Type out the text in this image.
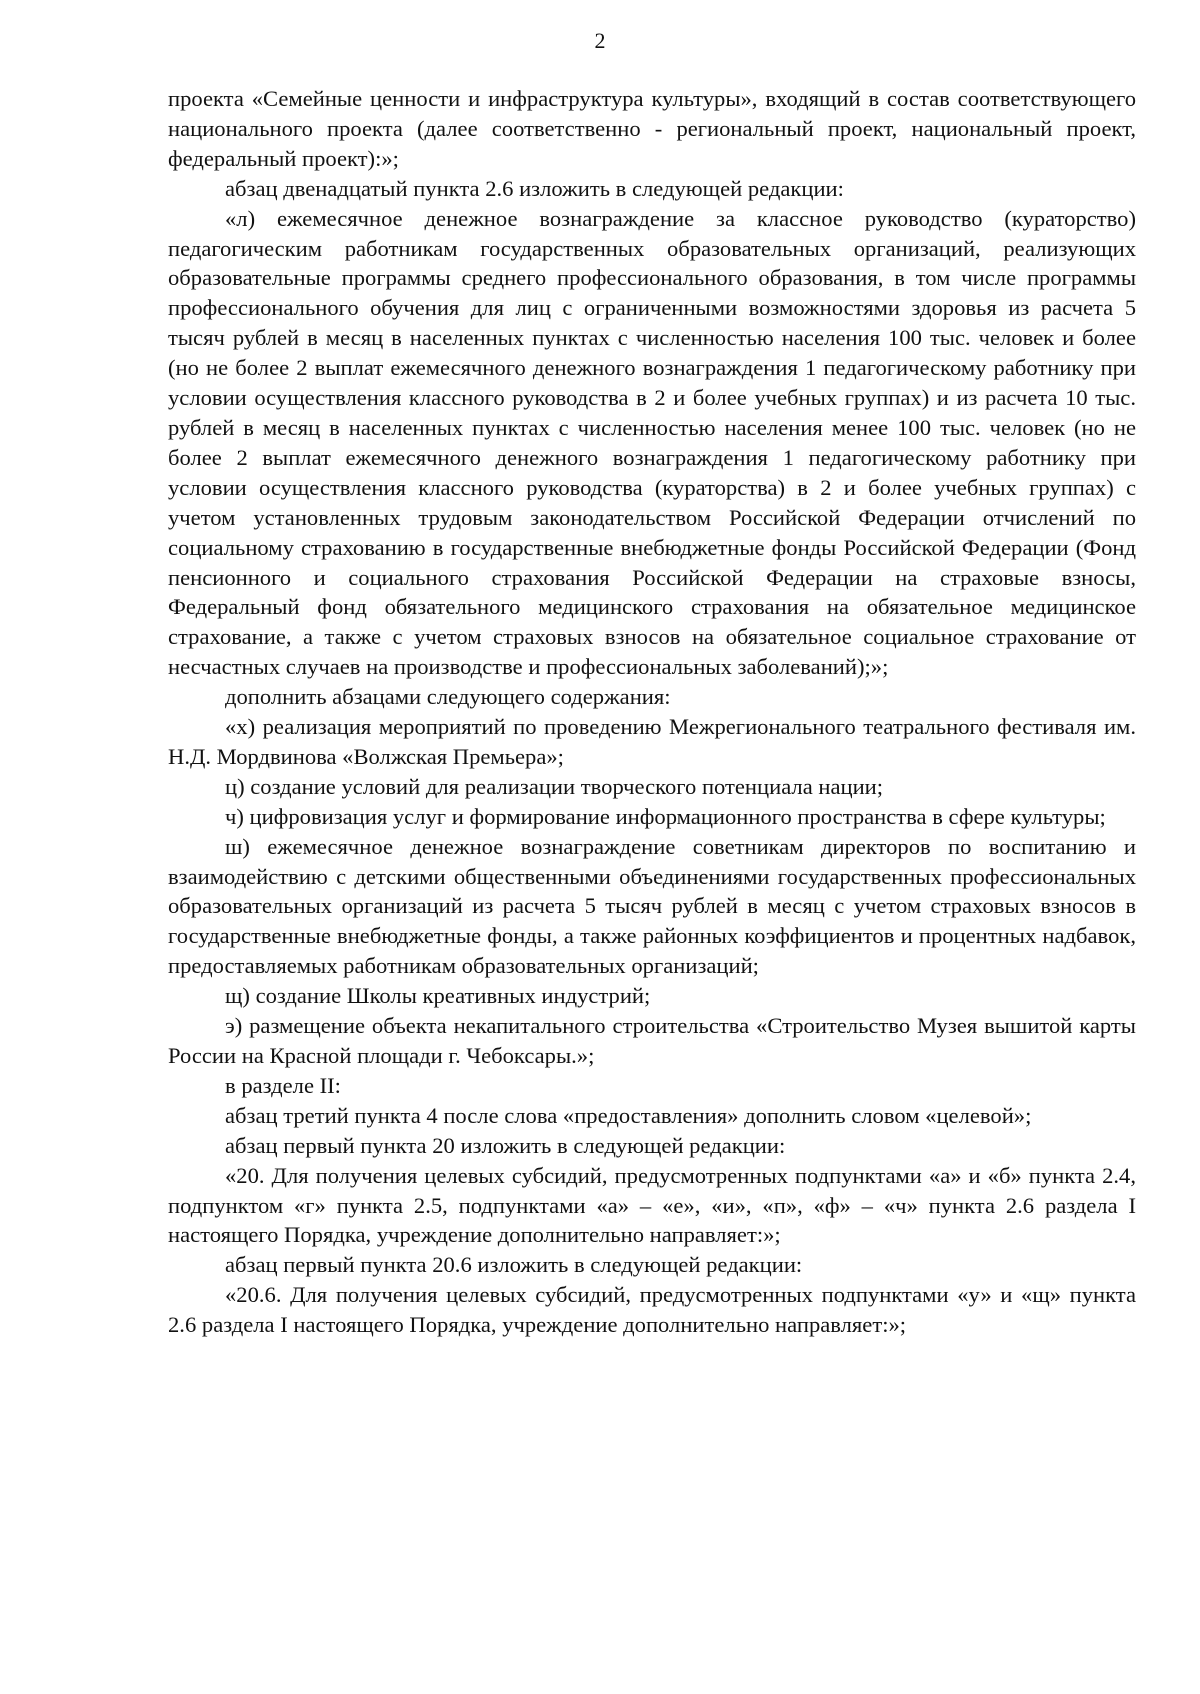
2

проекта «Семейные ценности и инфраструктура культуры», входящий в состав соответствующего национального проекта (далее соответственно - региональный проект, национальный проект, федеральный проект):»;

абзац двенадцатый пункта 2.6 изложить в следующей редакции:

«л) ежемесячное денежное вознаграждение за классное руководство (кураторство) педагогическим работникам государственных образовательных организаций, реализующих образовательные программы среднего профессионального образования, в том числе программы профессионального обучения для лиц с ограниченными возможностями здоровья из расчета 5 тысяч рублей в месяц в населенных пунктах с численностью населения 100 тыс. человек и более (но не более 2 выплат ежемесячного денежного вознаграждения 1 педагогическому работнику при условии осуществления классного руководства в 2 и более учебных группах) и из расчета 10 тыс. рублей в месяц в населенных пунктах с численностью населения менее 100 тыс. человек (но не более 2 выплат ежемесячного денежного вознаграждения 1 педагогическому работнику при условии осуществления классного руководства (кураторства) в 2 и более учебных группах) с учетом установленных трудовым законодательством Российской Федерации отчислений по социальному страхованию в государственные внебюджетные фонды Российской Федерации (Фонд пенсионного и социального страхования Российской Федерации на страховые взносы, Федеральный фонд обязательного медицинского страхования на обязательное медицинское страхование, а также с учетом страховых взносов на обязательное социальное страхование от несчастных случаев на производстве и профессиональных заболеваний);»;

дополнить абзацами следующего содержания:

«х) реализация мероприятий по проведению Межрегионального театрального фестиваля им. Н.Д. Мордвинова «Волжская Премьера»;

ц) создание условий для реализации творческого потенциала нации;

ч) цифровизация услуг и формирование информационного пространства в сфере культуры;

ш) ежемесячное денежное вознаграждение советникам директоров по воспитанию и взаимодействию с детскими общественными объединениями государственных профессиональных образовательных организаций из расчета 5 тысяч рублей в месяц с учетом страховых взносов в государственные внебюджетные фонды, а также районных коэффициентов и процентных надбавок, предоставляемых работникам образовательных организаций;

щ) создание Школы креативных индустрий;

э) размещение объекта некапитального строительства «Строительство Музея вышитой карты России на Красной площади г. Чебоксары.»;

в разделе II:

абзац третий пункта 4 после слова «предоставления» дополнить словом «целевой»;

абзац первый пункта 20 изложить в следующей редакции:

«20. Для получения целевых субсидий, предусмотренных подпунктами «а» и «б» пункта 2.4, подпунктом «г» пункта 2.5, подпунктами «а» – «е», «и», «п», «ф» – «ч» пункта 2.6 раздела I настоящего Порядка, учреждение дополнительно направляет:»;

абзац первый пункта 20.6 изложить в следующей редакции:

«20.6. Для получения целевых субсидий, предусмотренных подпунктами «у» и «щ» пункта 2.6 раздела I настоящего Порядка, учреждение дополнительно направляет:»;
